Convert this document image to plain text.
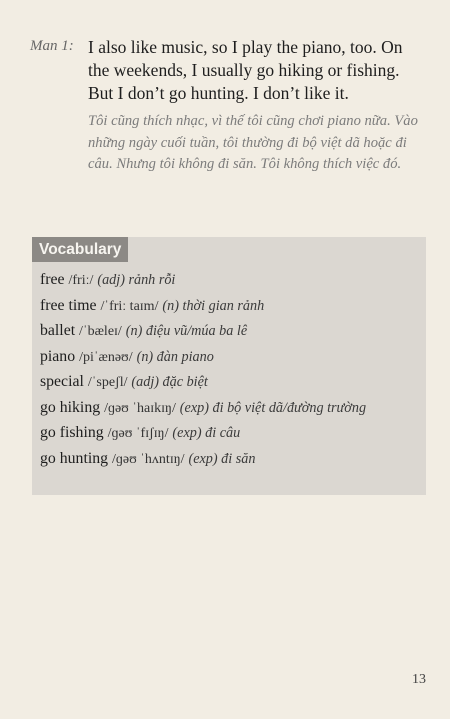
Man 1: I also like music, so I play the piano, too. On the weekends, I usually go hiking or fishing. But I don’t go hunting. I don’t like it.
Tôi cũng thích nhạc, vì thế tôi cũng chơi piano nữa. Vào những ngày cuối tuần, tôi thường đi bộ việt dã hoặc đi câu. Nhưng tôi không đi săn. Tôi không thích việc đó.
Vocabulary
free /friː/ (adj) rảnh rỗi
free time /ˈfriː taɪm/ (n) thời gian rảnh
ballet /ˈbæleɪ/ (n) điệu vũ/múa ba lê
piano /piˈænəʊ/ (n) đàn piano
special /ˈspeʃl/ (adj) đặc biệt
go hiking /ɡəʊ ˈhaɪkɪŋ/ (exp) đi bộ việt dã/đường trường
go fishing /ɡəʊ ˈfɪʃɪŋ/ (exp) đi câu
go hunting /ɡəʊ ˈhʌntɪŋ/ (exp) đi săn
13
